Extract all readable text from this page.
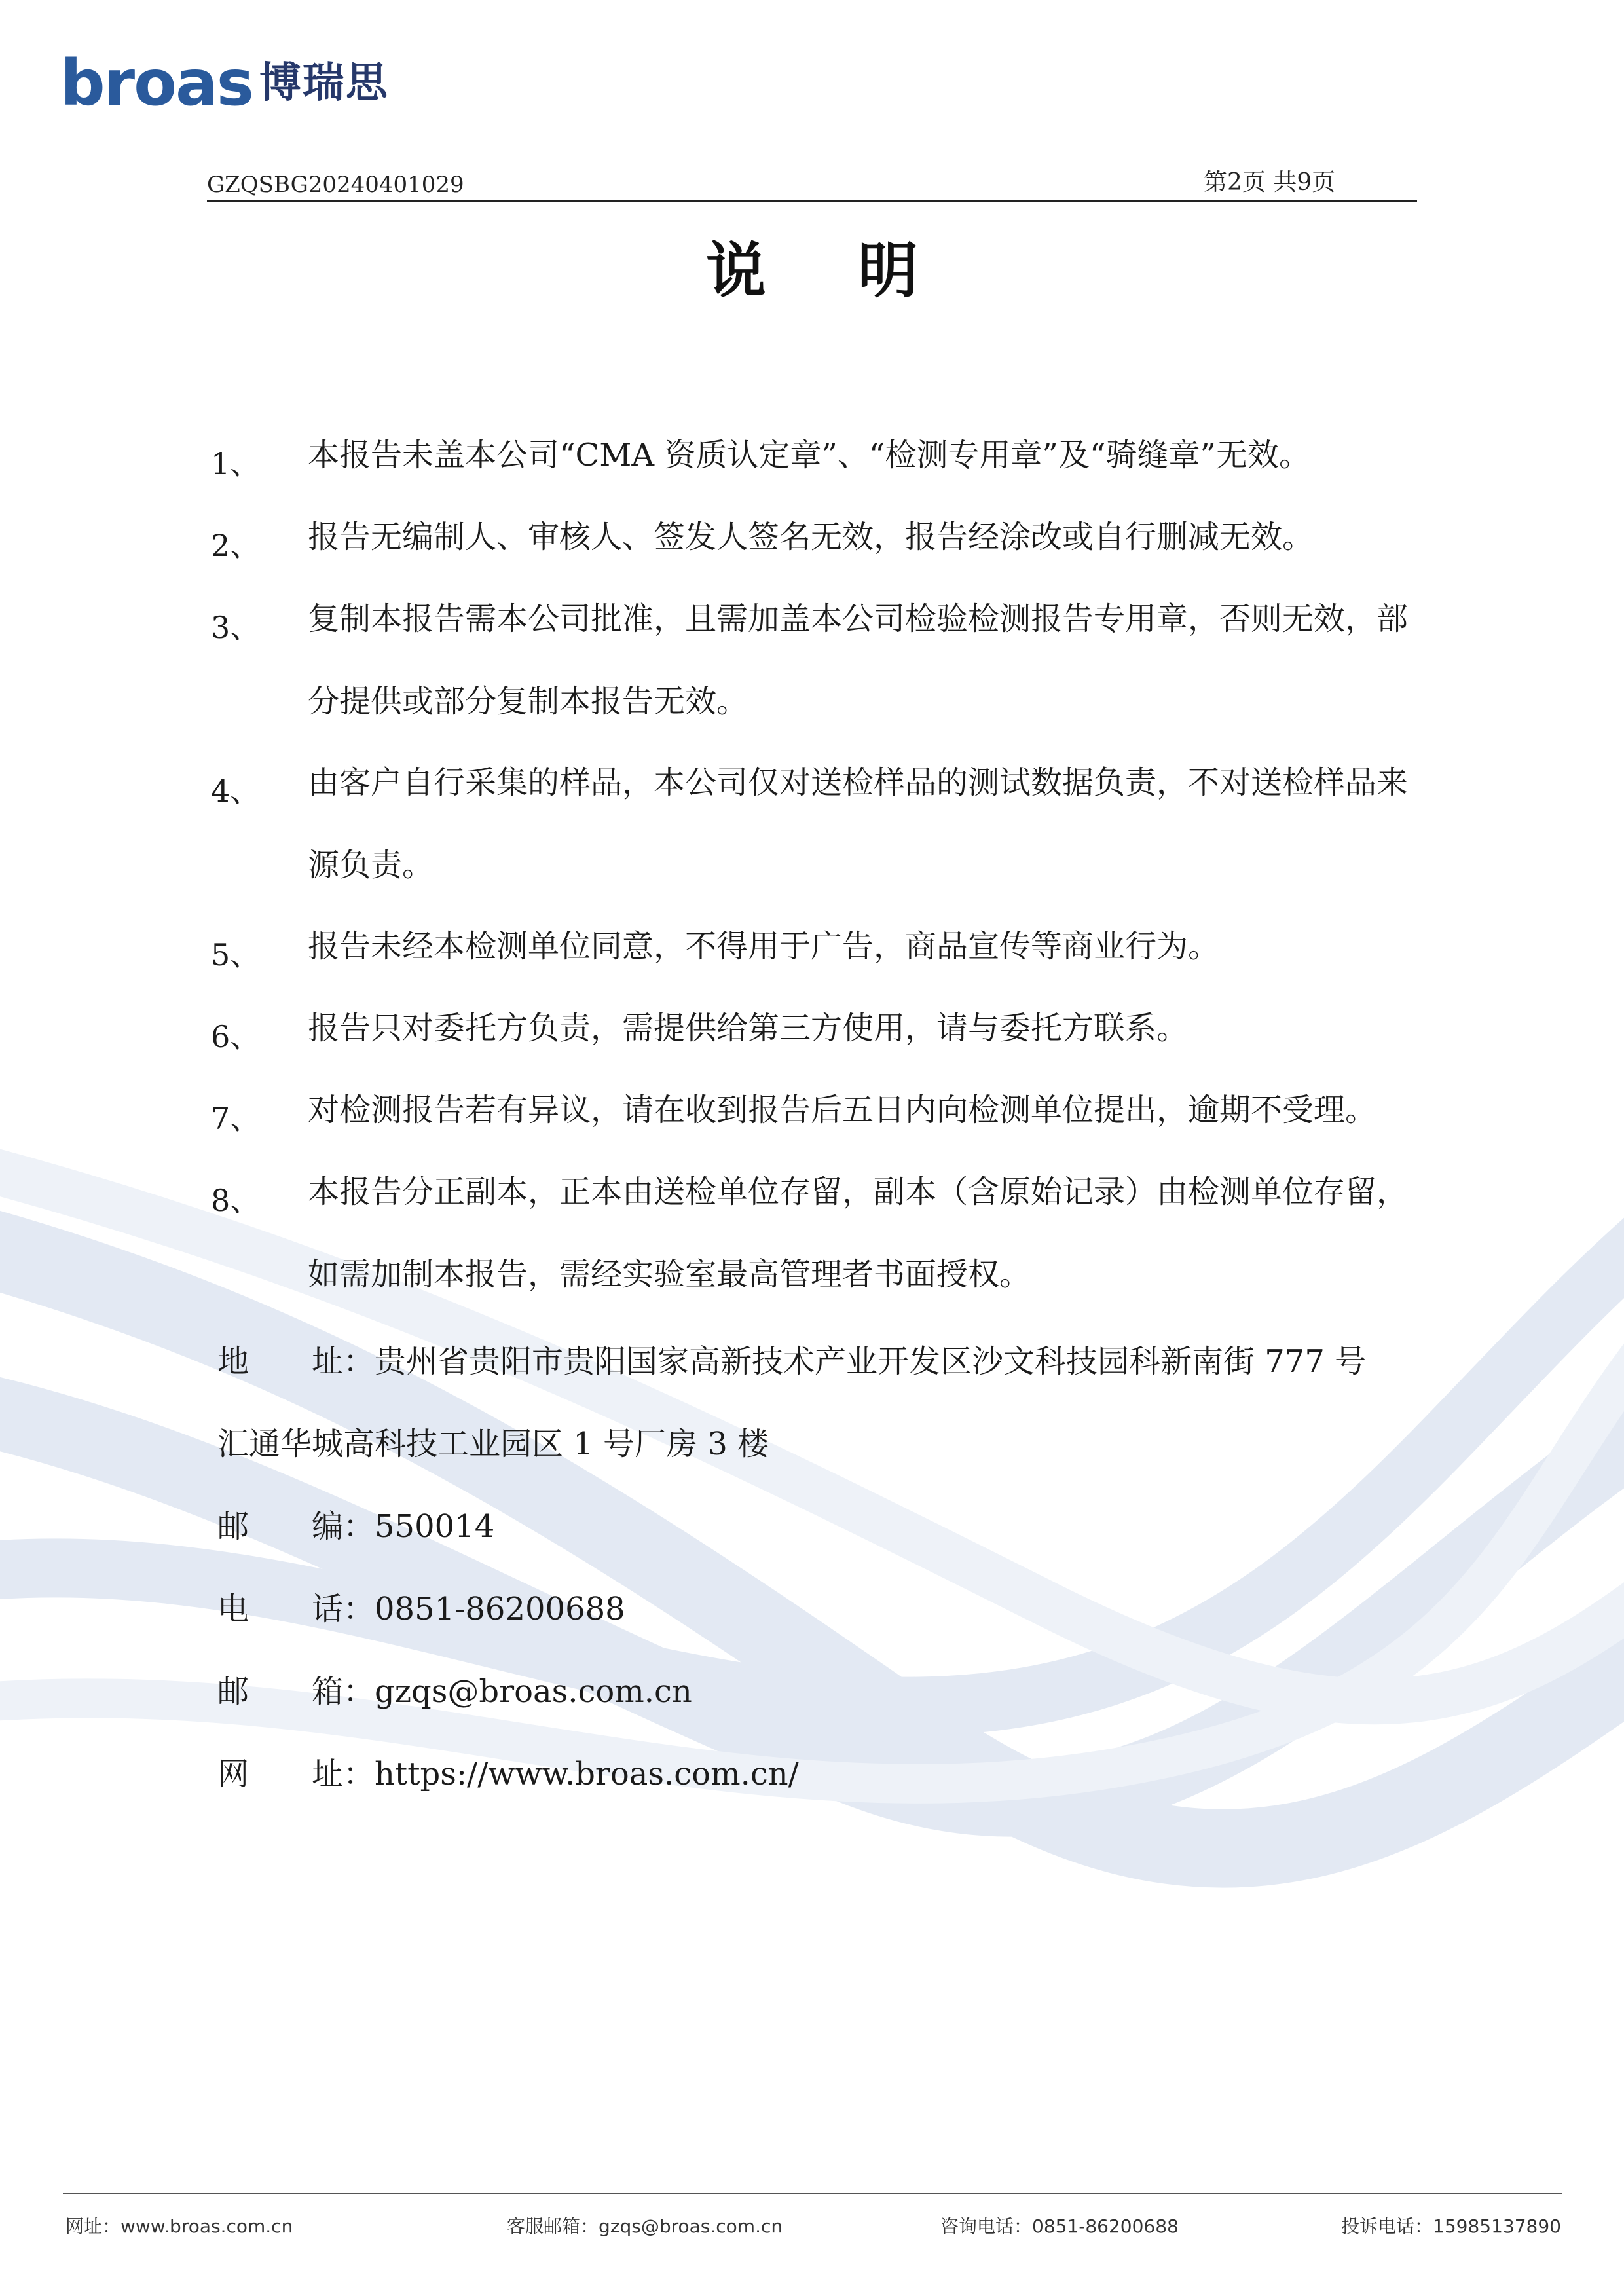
broas 博瑞思
GZQSBG20240401029	第2页 共9页
说明
1、 本报告未盖本公司“CMA 资质认定章”、“检测专用章”及“骑缝章”无效。
2、 报告无编制人、审核人、签发人签名无效，报告经涂改或自行删减无效。
3、 复制本报告需本公司批准，且需加盖本公司检验检测报告专用章，否则无效，部分提供或部分复制本报告无效。
4、 由客户自行采集的样品，本公司仅对送检样品的测试数据负责，不对送检样品来源负责。
5、 报告未经本检测单位同意，不得用于广告，商品宣传等商业行为。
6、 报告只对委托方负责，需提供给第三方使用，请与委托方联系。
7、 对检测报告若有异议，请在收到报告后五日内向检测单位提出，逾期不受理。
8、 本报告分正副本，正本由送检单位存留，副本（含原始记录）由检测单位存留，如需加制本报告，需经实验室最高管理者书面授权。
地　　址：贵州省贵阳市贵阳国家高新技术产业开发区沙文科技园科新南街 777 号
汇通华城高科技工业园区 1 号厂房 3 楼
邮　　编：550014
电　　话：0851-86200688
邮　　箱：gzqs@broas.com.cn
网　　址：https://www.broas.com.cn/
网址：www.broas.com.cn	客服邮箱：gzqs@broas.com.cn	咨询电话：0851-86200688	投诉电话：15985137890
